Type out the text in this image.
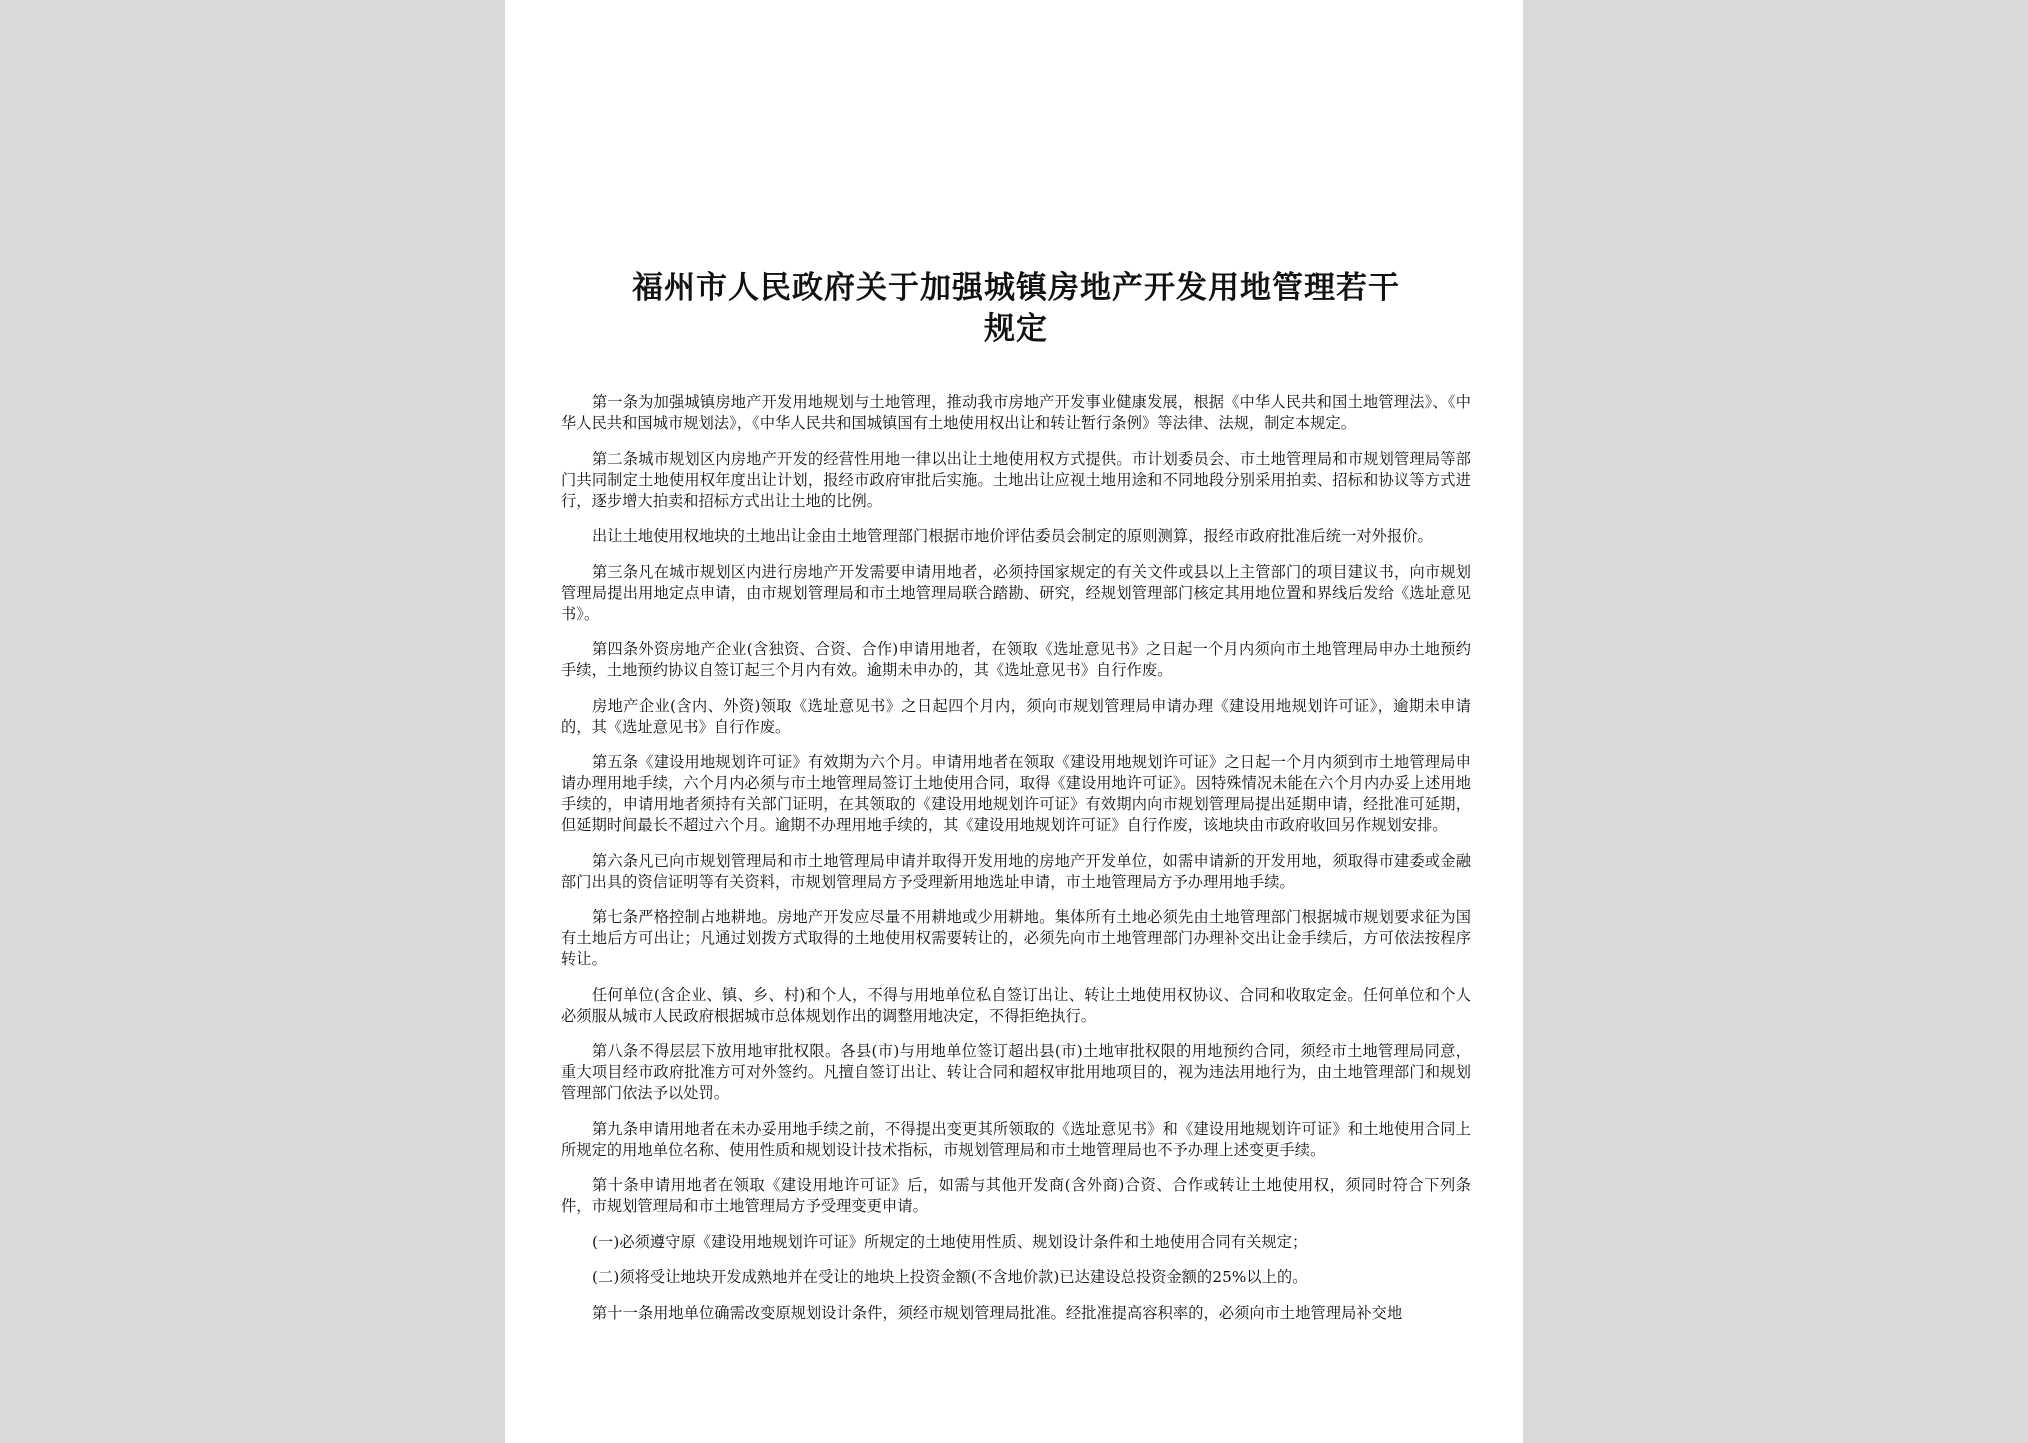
福州市人民政府关于加强城镇房地产开发用地管理若干
规定

第一条为加强城镇房地产开发用地规划与土地管理，推动我市房地产开发事业健康发展，根据《中华人民共和国土地管理法》、《中华人民共和国城市规划法》，《中华人民共和国城镇国有土地使用权出让和转让暂行条例》等法律、法规，制定本规定。

第二条城市规划区内房地产开发的经营性用地一律以出让土地使用权方式提供。市计划委员会、市土地管理局和市规划管理局等部门共同制定土地使用权年度出让计划，报经市政府审批后实施。土地出让应视土地用途和不同地段分别采用拍卖、招标和协议等方式进行，逐步增大拍卖和招标方式出让土地的比例。

出让土地使用权地块的土地出让金由土地管理部门根据市地价评估委员会制定的原则测算，报经市政府批准后统一对外报价。

第三条凡在城市规划区内进行房地产开发需要申请用地者，必须持国家规定的有关文件或县以上主管部门的项目建议书，向市规划管理局提出用地定点申请，由市规划管理局和市土地管理局联合踏勘、研究，经规划管理部门核定其用地位置和界线后发给《选址意见书》。

第四条外资房地产企业(含独资、合资、合作)申请用地者，在领取《选址意见书》之日起一个月内须向市土地管理局申办土地预约手续，土地预约协议自签订起三个月内有效。逾期未申办的，其《选址意见书》自行作废。

房地产企业(含内、外资)领取《选址意见书》之日起四个月内，须向市规划管理局申请办理《建设用地规划许可证》，逾期未申请的，其《选址意见书》自行作废。

第五条《建设用地规划许可证》有效期为六个月。申请用地者在领取《建设用地规划许可证》之日起一个月内须到市土地管理局申请办理用地手续，六个月内必须与市土地管理局签订土地使用合同，取得《建设用地许可证》。因特殊情况未能在六个月内办妥上述用地手续的，申请用地者须持有关部门证明，在其领取的《建设用地规划许可证》有效期内向市规划管理局提出延期申请，经批准可延期，但延期时间最长不超过六个月。逾期不办理用地手续的，其《建设用地规划许可证》自行作废，该地块由市政府收回另作规划安排。

第六条凡已向市规划管理局和市土地管理局申请并取得开发用地的房地产开发单位，如需申请新的开发用地，须取得市建委或金融部门出具的资信证明等有关资料，市规划管理局方予受理新用地选址申请，市土地管理局方予办理用地手续。

第七条严格控制占地耕地。房地产开发应尽量不用耕地或少用耕地。集体所有土地必须先由土地管理部门根据城市规划要求征为国有土地后方可出让；凡通过划拨方式取得的土地使用权需要转让的，必须先向市土地管理部门办理补交出让金手续后，方可依法按程序转让。

任何单位(含企业、镇、乡、村)和个人，不得与用地单位私自签订出让、转让土地使用权协议、合同和收取定金。任何单位和个人必须服从城市人民政府根据城市总体规划作出的调整用地决定，不得拒绝执行。

第八条不得层层下放用地审批权限。各县(市)与用地单位签订超出县(市)土地审批权限的用地预约合同，须经市土地管理局同意，重大项目经市政府批准方可对外签约。凡擅自签订出让、转让合同和超权审批用地项目的，视为违法用地行为，由土地管理部门和规划管理部门依法予以处罚。

第九条申请用地者在未办妥用地手续之前，不得提出变更其所领取的《选址意见书》和《建设用地规划许可证》和土地使用合同上所规定的用地单位名称、使用性质和规划设计技术指标，市规划管理局和市土地管理局也不予办理上述变更手续。

第十条申请用地者在领取《建设用地许可证》后，如需与其他开发商(含外商)合资、合作或转让土地使用权，须同时符合下列条件，市规划管理局和市土地管理局方予受理变更申请。

(一)必须遵守原《建设用地规划许可证》所规定的土地使用性质、规划设计条件和土地使用合同有关规定；

(二)须将受让地块开发成熟地并在受让的地块上投资金额(不含地价款)已达建设总投资金额的25%以上的。

第十一条用地单位确需改变原规划设计条件，须经市规划管理局批准。经批准提高容积率的，必须向市土地管理局补交地
